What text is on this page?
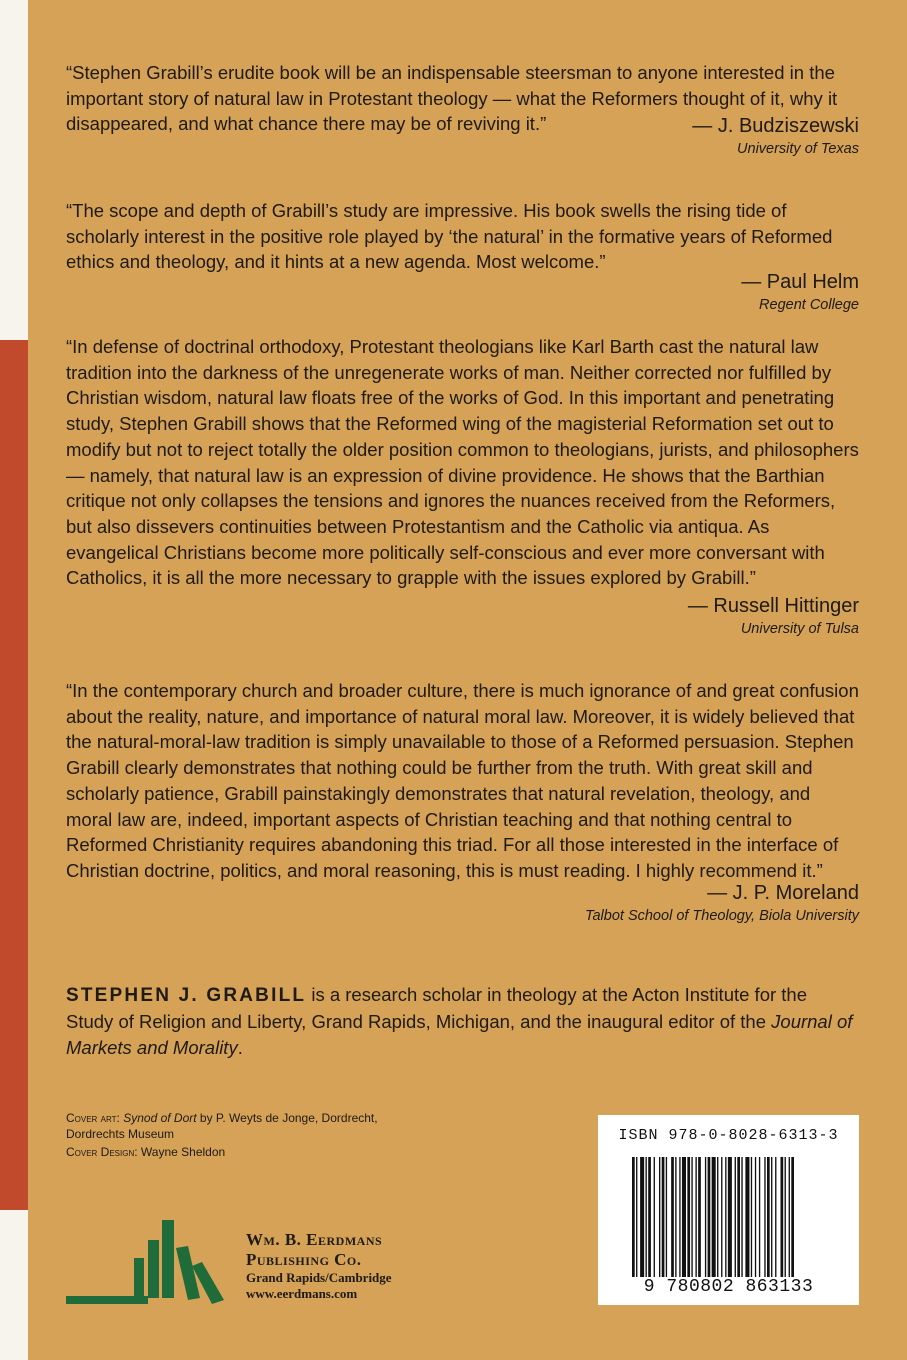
“Stephen Grabill’s erudite book will be an indispensable steersman to anyone interested in the important story of natural law in Protestant theology — what the Reformers thought of it, why it disappeared, and what chance there may be of reviving it.”	— J. Budziszewski
University of Texas

“The scope and depth of Grabill’s study are impressive. His book swells the rising tide of scholarly interest in the positive role played by ‘the natural’ in the formative years of Reformed ethics and theology, and it hints at a new agenda. Most welcome.”

— Paul Helm
Regent College

“In defense of doctrinal orthodoxy, Protestant theologians like Karl Barth cast the natural law tradition into the darkness of the unregenerate works of man. Neither corrected nor fulfilled by Christian wisdom, natural law floats free of the works of God. In this important and penetrating study, Stephen Grabill shows that the Reformed wing of the magisterial Reformation set out to modify but not to reject totally the older position common to theologians, jurists, and philosophers — namely, that natural law is an expression of divine providence. He shows that the Barthian critique not only collapses the tensions and ignores the nuances received from the Reformers, but also dissevers continuities between Protestantism and the Catholic via antiqua. As evangelical Christians become more politically self-conscious and ever more conversant with Catholics, it is all the more necessary to grapple with the issues explored by Grabill.”

— Russell Hittinger
University of Tulsa

“In the contemporary church and broader culture, there is much ignorance of and great confusion about the reality, nature, and importance of natural moral law. Moreover, it is widely believed that the natural-moral-law tradition is simply unavailable to those of a Reformed persuasion. Stephen Grabill clearly demonstrates that nothing could be further from the truth. With great skill and scholarly patience, Grabill painstakingly demonstrates that natural revelation, theology, and moral law are, indeed, important aspects of Christian teaching and that nothing central to Reformed Christianity requires abandoning this triad. For all those interested in the interface of Christian doctrine, politics, and moral reasoning, this is must reading. I highly recommend it.”

— J. P. Moreland
Talbot School of Theology, Biola University
STEPHEN J. GRABILL is a research scholar in theology at the Acton Institute for the Study of Religion and Liberty, Grand Rapids, Michigan, and the inaugural editor of the Journal of Markets and Morality.
Cover art: Synod of Dort by P. Weyts de Jonge, Dordrecht, Dordrechts Museum
Cover Design: Wayne Sheldon
ISBN 978-0-8028-6313-3
9 780802 863133
Wm. B. Eerdmans
Publishing Co.
Grand Rapids/Cambridge
www.eerdmans.com
